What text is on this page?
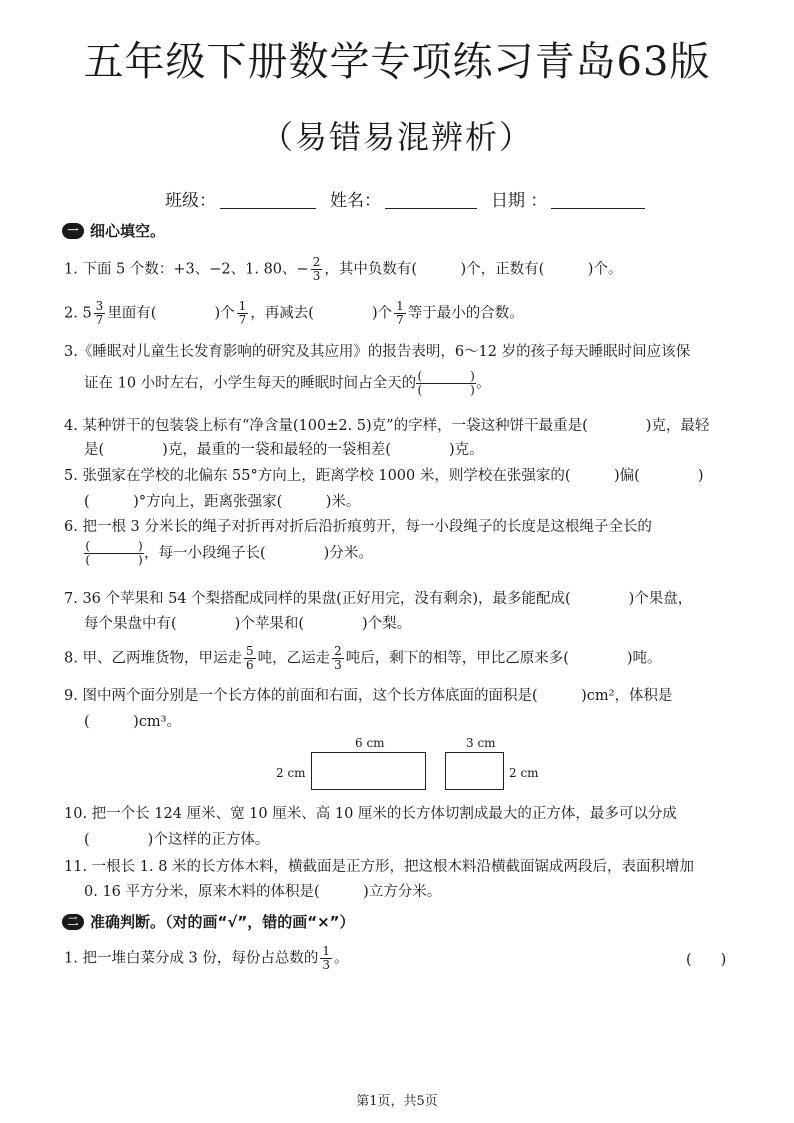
五年级下册数学专项练习青岛63版
（易错易混辨析）
班级：	姓名：	日期 ：
一 细心填空。
1. 下面 5 个数：+3、−2、1. 80、− $\frac{2}{3}$ ，其中负数有(　　　)个，正数有(　　　)个。
2. $5 \frac{3}{7}$ 里面有(　　　　)个 $\frac{1}{7}$ ，再减去(　　　　)个 $\frac{1}{7}$ 等于最小的合数。
3.《睡眠对儿童生长发育影响的研究及其应用》的报告表明，6～12 岁的孩子每天睡眠时间应该保
证在 10 小时左右，小学生每天的睡眠时间占全天的 (　　　　)
(　　　　)。
4. 某种饼干的包装袋上标有“净含量(100±2. 5)克”的字样，一袋这种饼干最重是(　　　　)克，最轻
是(　　　　)克，最重的一袋和最轻的一袋相差(　　　　)克。
5. 张强家在学校的北偏东 55°方向上，距离学校 1000 米，则学校在张强家的(　　　)偏(　　　　)
(　　　)°方向上，距离张强家(　　　)米。
6. 把一根 3 分米长的绳子对折再对折后沿折痕剪开，每一小段绳子的长度是这根绳子全长的
(　　　　)
(　　　　)，每一小段绳子长(　　　　)分米。
7. 36 个苹果和 54 个梨搭配成同样的果盘(正好用完，没有剩余)，最多能配成(　　　　)个果盘，
每个果盘中有(　　　　)个苹果和(　　　　)个梨。
8. 甲、乙两堆货物，甲运走 $\frac{5}{6}$ 吨，乙运走 $\frac{2}{3}$ 吨后，剩下的相等，甲比乙原来多(　　　　)吨。
9. 图中两个面分别是一个长方体的前面和右面，这个长方体底面的面积是(　　　)cm²，体积是
(　　　)cm³。
6 cm
2 cm
3 cm
2 cm
10. 把一个长 124 厘米、宽 10 厘米、高 10 厘米的长方体切割成最大的正方体，最多可以分成
(　　　　)个这样的正方体。
11. 一根长 1. 8 米的长方体木料，横截面是正方形，把这根木料沿横截面锯成两段后，表面积增加
0. 16 平方分米，原来木料的体积是(　　　)立方分米。
二 准确判断。（对的画“√”，错的画“×”）
1. 把一堆白菜分成 3 份，每份占总数的 $\frac{1}{3}$ 。	(　　)
第1页，共5页
